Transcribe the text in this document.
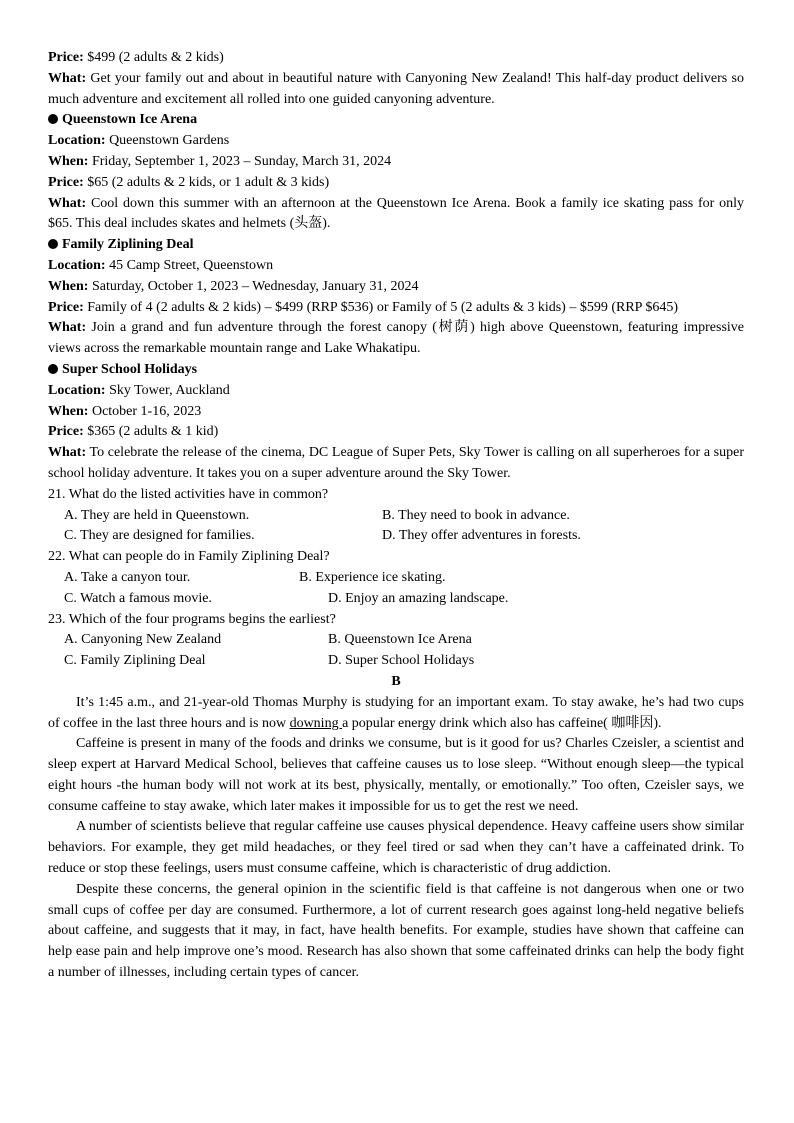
Price: $499 (2 adults & 2 kids)
What: Get your family out and about in beautiful nature with Canyoning New Zealand! This half-day product delivers so much adventure and excitement all rolled into one guided canyoning adventure.
Queenstown Ice Arena
Location: Queenstown Gardens
When: Friday, September 1, 2023 – Sunday, March 31, 2024
Price: $65 (2 adults & 2 kids, or 1 adult & 3 kids)
What: Cool down this summer with an afternoon at the Queenstown Ice Arena. Book a family ice skating pass for only $65. This deal includes skates and helmets (头盔).
Family Ziplining Deal
Location: 45 Camp Street, Queenstown
When: Saturday, October 1, 2023 – Wednesday, January 31, 2024
Price: Family of 4 (2 adults & 2 kids) – $499 (RRP $536) or Family of 5 (2 adults & 3 kids) – $599 (RRP $645)
What: Join a grand and fun adventure through the forest canopy (树荫) high above Queenstown, featuring impressive views across the remarkable mountain range and Lake Whakatipu.
Super School Holidays
Location: Sky Tower, Auckland
When: October 1-16, 2023
Price: $365 (2 adults & 1 kid)
What: To celebrate the release of the cinema, DC League of Super Pets, Sky Tower is calling on all superheroes for a super school holiday adventure. It takes you on a super adventure around the Sky Tower.
21. What do the listed activities have in common?
A. They are held in Queenstown.	B. They need to book in advance.
C. They are designed for families.	D. They offer adventures in forests.
22. What can people do in Family Ziplining Deal?
A. Take a canyon tour.	B. Experience ice skating.
C. Watch a famous movie.	D. Enjoy an amazing landscape.
23. Which of the four programs begins the earliest?
A. Canyoning New Zealand	B. Queenstown Ice Arena
C. Family Ziplining Deal	D. Super School Holidays
B

It’s 1:45 a.m., and 21-year-old Thomas Murphy is studying for an important exam. To stay awake, he’s had two cups of coffee in the last three hours and is now downing a popular energy drink which also has caffeine( 咖啡因).

Caffeine is present in many of the foods and drinks we consume, but is it good for us? Charles Czeisler, a scientist and sleep expert at Harvard Medical School, believes that caffeine causes us to lose sleep. “Without enough sleep—the typical eight hours -the human body will not work at its best, physically, mentally, or emotionally.” Too often, Czeisler says, we consume caffeine to stay awake, which later makes it impossible for us to get the rest we need.

A number of scientists believe that regular caffeine use causes physical dependence. Heavy caffeine users show similar behaviors. For example, they get mild headaches, or they feel tired or sad when they can’t have a caffeinated drink. To reduce or stop these feelings, users must consume caffeine, which is characteristic of drug addiction.

Despite these concerns, the general opinion in the scientific field is that caffeine is not dangerous when one or two small cups of coffee per day are consumed. Furthermore, a lot of current research goes against long-held negative beliefs about caffeine, and suggests that it may, in fact, have health benefits. For example, studies have shown that caffeine can help ease pain and help improve one’s mood. Research has also shown that some caffeinated drinks can help the body fight a number of illnesses, including certain types of cancer.
